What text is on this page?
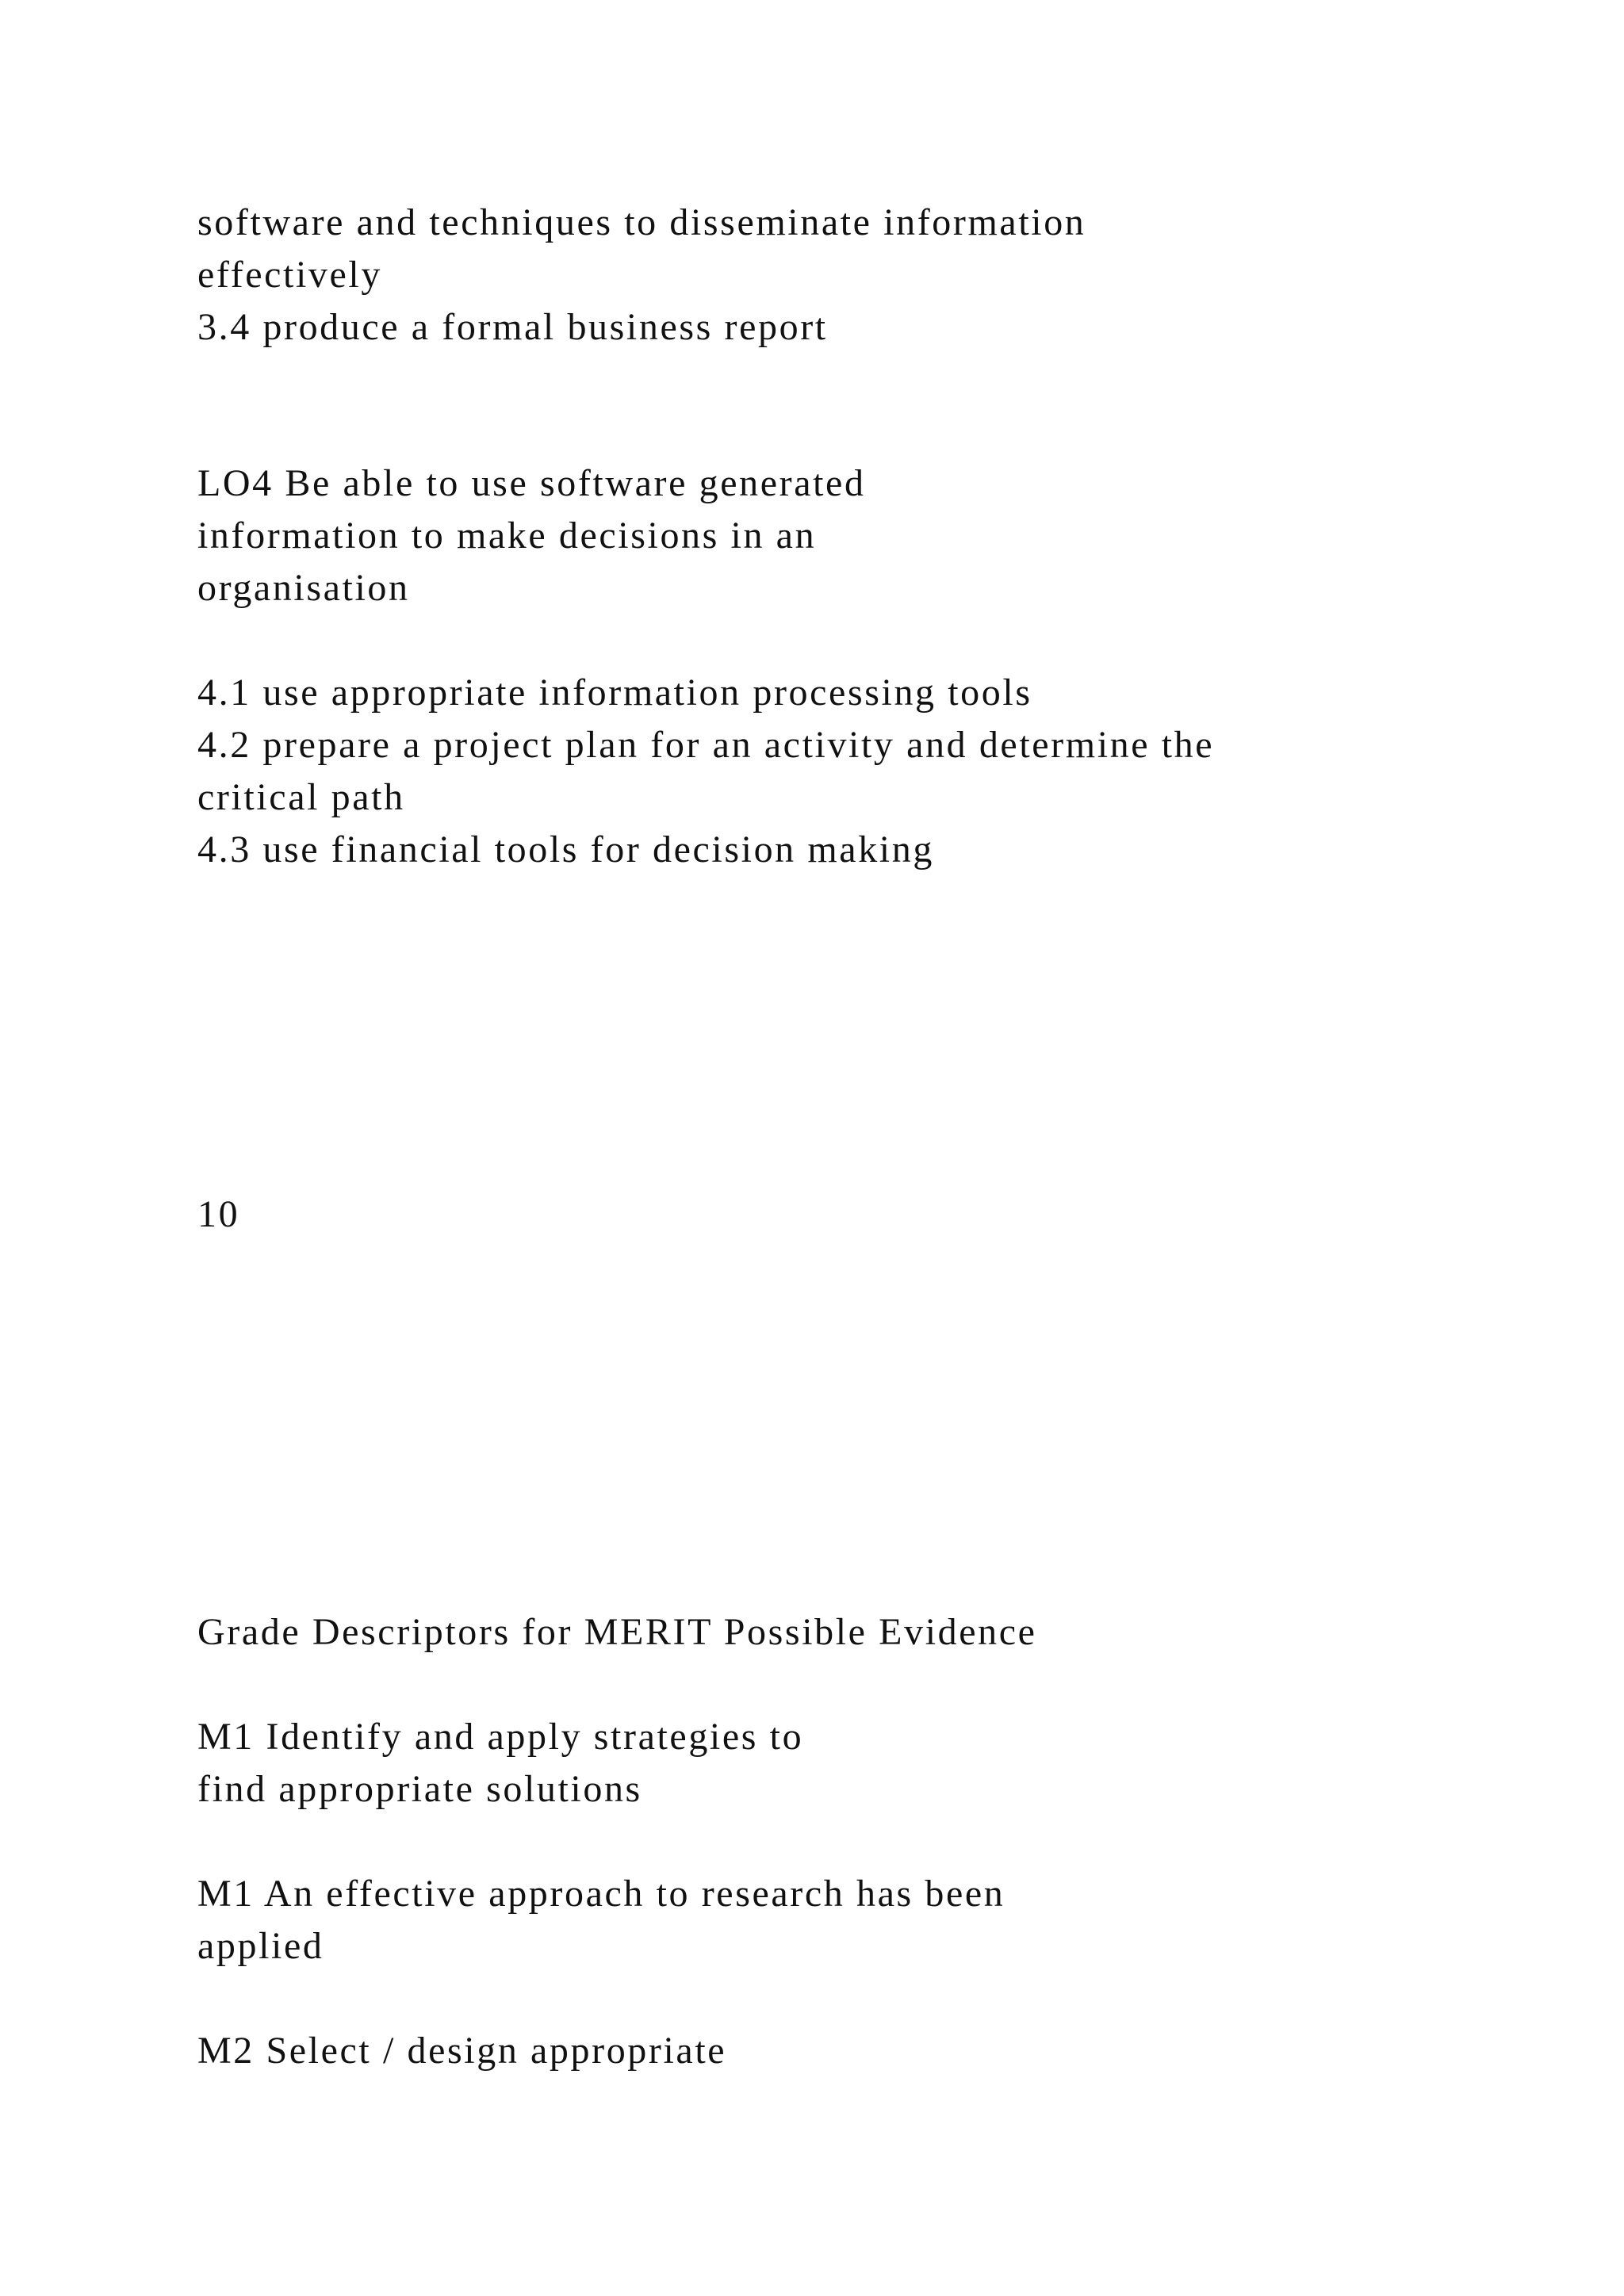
software and techniques to disseminate information

effectively

3.4 produce a formal business report

LO4 Be able to use software generated

information to make decisions in an

organisation

4.1 use appropriate information processing tools

4.2 prepare a project plan for an activity and determine the

critical path

4.3 use financial tools for decision making

10

Grade Descriptors for MERIT Possible Evidence

M1 Identify and apply strategies to

find appropriate solutions

M1 An effective approach to research has been

applied

M2 Select / design appropriate
